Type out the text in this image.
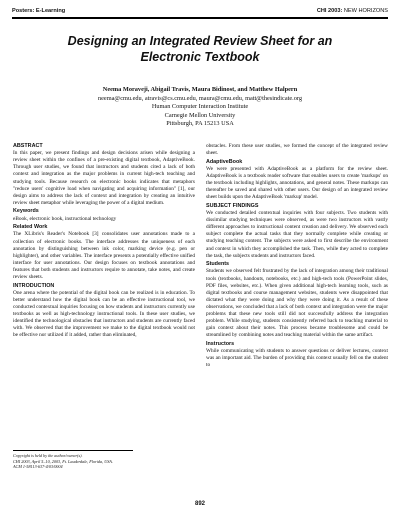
Posters: E-Learning	CHI 2003: NEW HORIZONS
Designing an Integrated Review Sheet for an Electronic Textbook
Neema Moraveji, Abigail Travis, Maura Bidinost, and Matthew Halpern
neema@cmu.edu, atravis@cs.cmu.edu, maura@cmu.edu, matt@thesindicate.org
Human Computer Interaction Institute
Carnegie Mellon University
Pittsburgh, PA 15213 USA
ABSTRACT

In this paper, we present findings and design decisions arisen while designing a review sheet within the confines of a pre-existing digital textbook, AdaptiveBook. Through user studies, we found that instructors and students cited a lack of both context and integration as the major problems in current high-tech teaching and studying tools. Because research on electronic books indicates that metaphors "reduce users' cognitive load when navigating and acquiring information" [1], our design aims to address the lack of context and integration by creating an intuitive review sheet metaphor while leveraging the power of a digital medium.

Keywords

eBook, electronic book, instructional technology

Related Work

The XLibris's Reader's Notebook [3] consolidates user annotations made to a collection of electronic books. The interface addresses the uniqueness of each annotation by distinguishing between ink color, marking device (e.g. pen or highlighter), and other variables. The interface presents a potentially effective unified interface for user annotations. Our design focuses on textbook annotations and features that both students and instructors require to annotate, take notes, and create review sheets.

INTRODUCTION

One arena where the potential of the digital book can be realized is in education. To better understand how the digital book can be an effective instructional tool, we conducted contextual inquiries focusing on how students and instructors currently use textbooks as well as high-technology instructional tools. In these user studies, we identified the technological obstacles that instructors and students are currently faced with. We observed that the improvement we make to the digital textbook would not be effective nor utilized if it added, rather than eliminated,

Copyright is held by the author/owner(s).
CHI 2003, April 5–10, 2003, Ft. Lauderdale, Florida, USA.
ACM 1-58113-637-4/03/0004

obstacles. From these user studies, we formed the concept of the integrated review sheet.

AdaptiveBook

We were presented with AdaptiveBook as a platform for the review sheet. AdaptiveBook is a textbook reader software that enables users to create 'markups' on the textbook including highlights, annotations, and general notes. These markups can thereafter be saved and shared with other users. Our design of an integrated review sheet builds upon the AdaptiveBook 'markup' model.

SUBJECT FINDINGS

We conducted detailed contextual inquiries with four subjects. Two students with dissimilar studying techniques were observed, as were two instructors with vastly different approaches to instructional content creation and delivery. We observed each subject complete the actual tasks that they normally complete while creating or studying teaching content. The subjects were asked to first describe the environment and context in which they accomplished the task. Then, while they acted to complete the task, the subjects students and instructors faced.

Students

Students we observed felt frustrated by the lack of integration among their traditional tools (textbooks, handouts, notebooks, etc.) and high-tech tools (PowerPoint slides, PDF files, websites, etc.). When given additional high-tech learning tools, such as digital textbooks and course management websites, students were disappointed that dictated what they were doing and why they were doing it. As a result of these observations, we concluded that a lack of both context and integration were the major problems that these new tools still did not successfully address the integration problem. While studying, students consistently referred back to teaching material to gain context about their notes. This process became troublesome and could be streamlined by combining notes and teaching material within the same artifact.

Instructors

While communicating with students to answer questions or deliver lectures, context was an important aid. The burden of providing this context usually fell on the student to

892
